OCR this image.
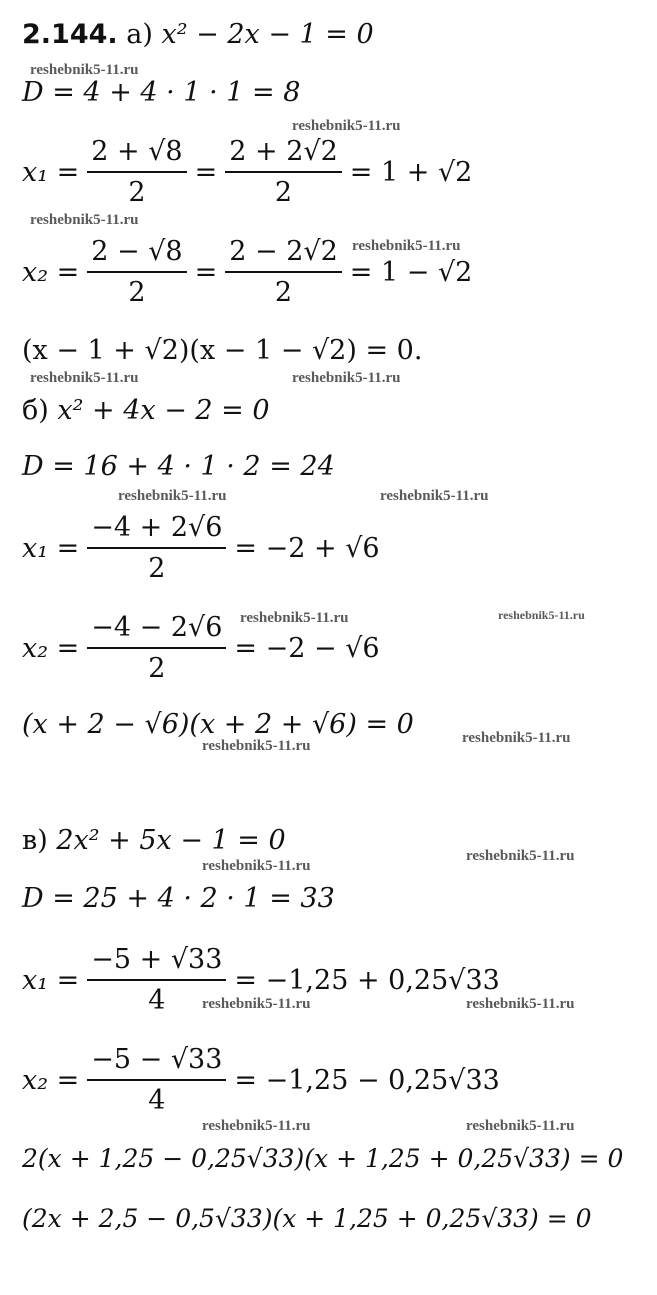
2.144. а) x² − 2x − 1 = 0
reshebnik5-11.ru
D = 4 + 4 · 1 · 1 = 8
reshebnik5-11.ru
$x_1 = \frac{2 + √8}{2} = \frac{2 + 2√2}{2} = 1 + √2$
reshebnik5-11.ru
$x_2 = \frac{2 - √8}{2} = \frac{2 - 2√2}{2} = 1 - √2$
reshebnik5-11.ru
(x − 1 + √2)(x − 1 − √2) = 0.
reshebnik5-11.ru	reshebnik5-11.ru
б) x² + 4x − 2 = 0
D = 16 + 4 · 1 · 2 = 24
reshebnik5-11.ru	reshebnik5-11.ru
$x_1 = \frac{-4 + 2√6}{2} = -2 + √6$
reshebnik5-11.ru	reshebnik5-11.ru
$x_2 = \frac{-4 - 2√6}{2} = -2 - √6$
(x + 2 − √6)(x + 2 + √6) = 0
reshebnik5-11.ru	reshebnik5-11.ru
в) 2x² + 5x − 1 = 0
reshebnik5-11.ru
reshebnik5-11.ru
D = 25 + 4 · 2 · 1 = 33
$x_1 = \frac{-5 + √33}{4} = -1,25 + 0,25√33$
reshebnik5-11.ru	reshebnik5-11.ru
$x_2 = \frac{-5 - √33}{4} = -1,25 - 0,25√33$
reshebnik5-11.ru	reshebnik5-11.ru
2(x + 1,25 − 0,25√33)(x + 1,25 + 0,25√33) = 0
(2x + 2,5 − 0,5√33)(x + 1,25 + 0,25√33) = 0
